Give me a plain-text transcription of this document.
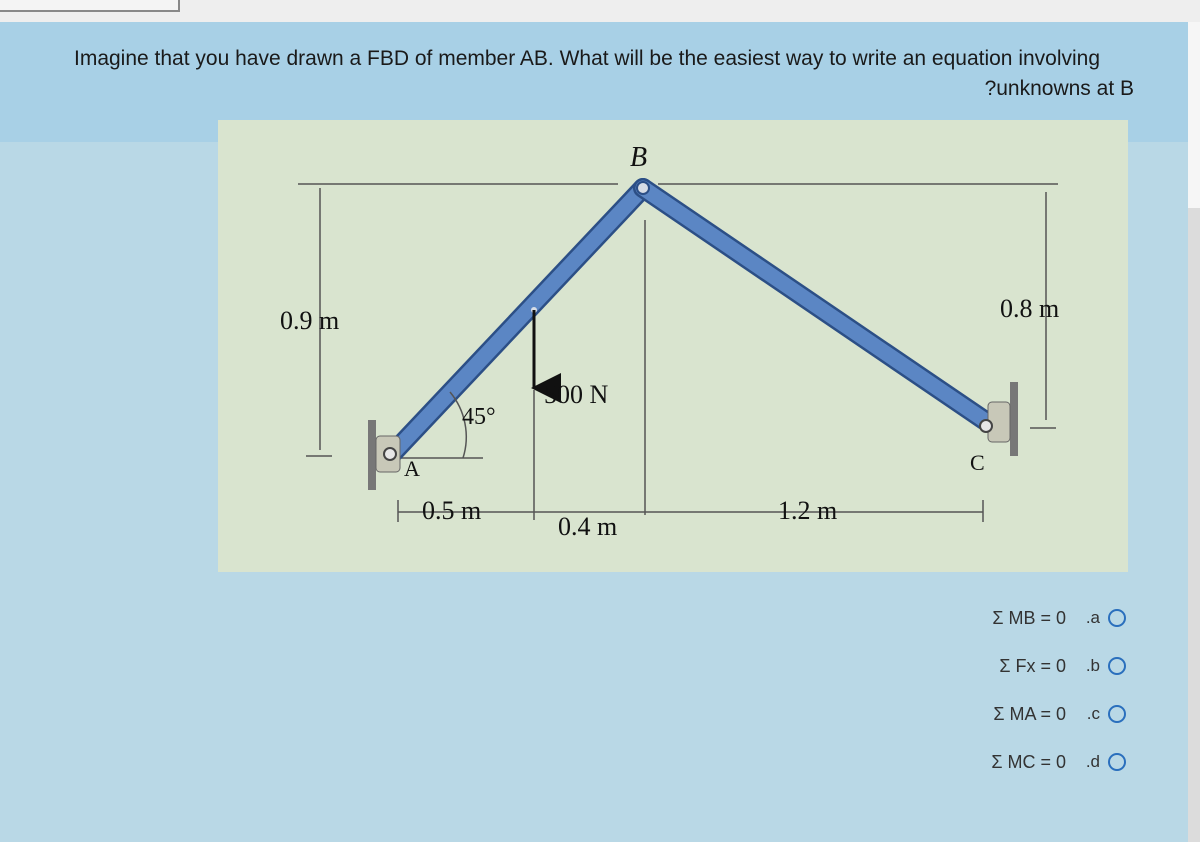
Imagine that you have drawn a FBD of member AB. What will be the easiest way to write an equation involving
?unknowns at B
B
A	C
0.9 m	0.8 m
45°
500 N
0.5 m
0.4 m
1.2 m
Σ MB = 0	.a
Σ Fx = 0	.b
Σ MA = 0	.c
Σ MC = 0	.d
